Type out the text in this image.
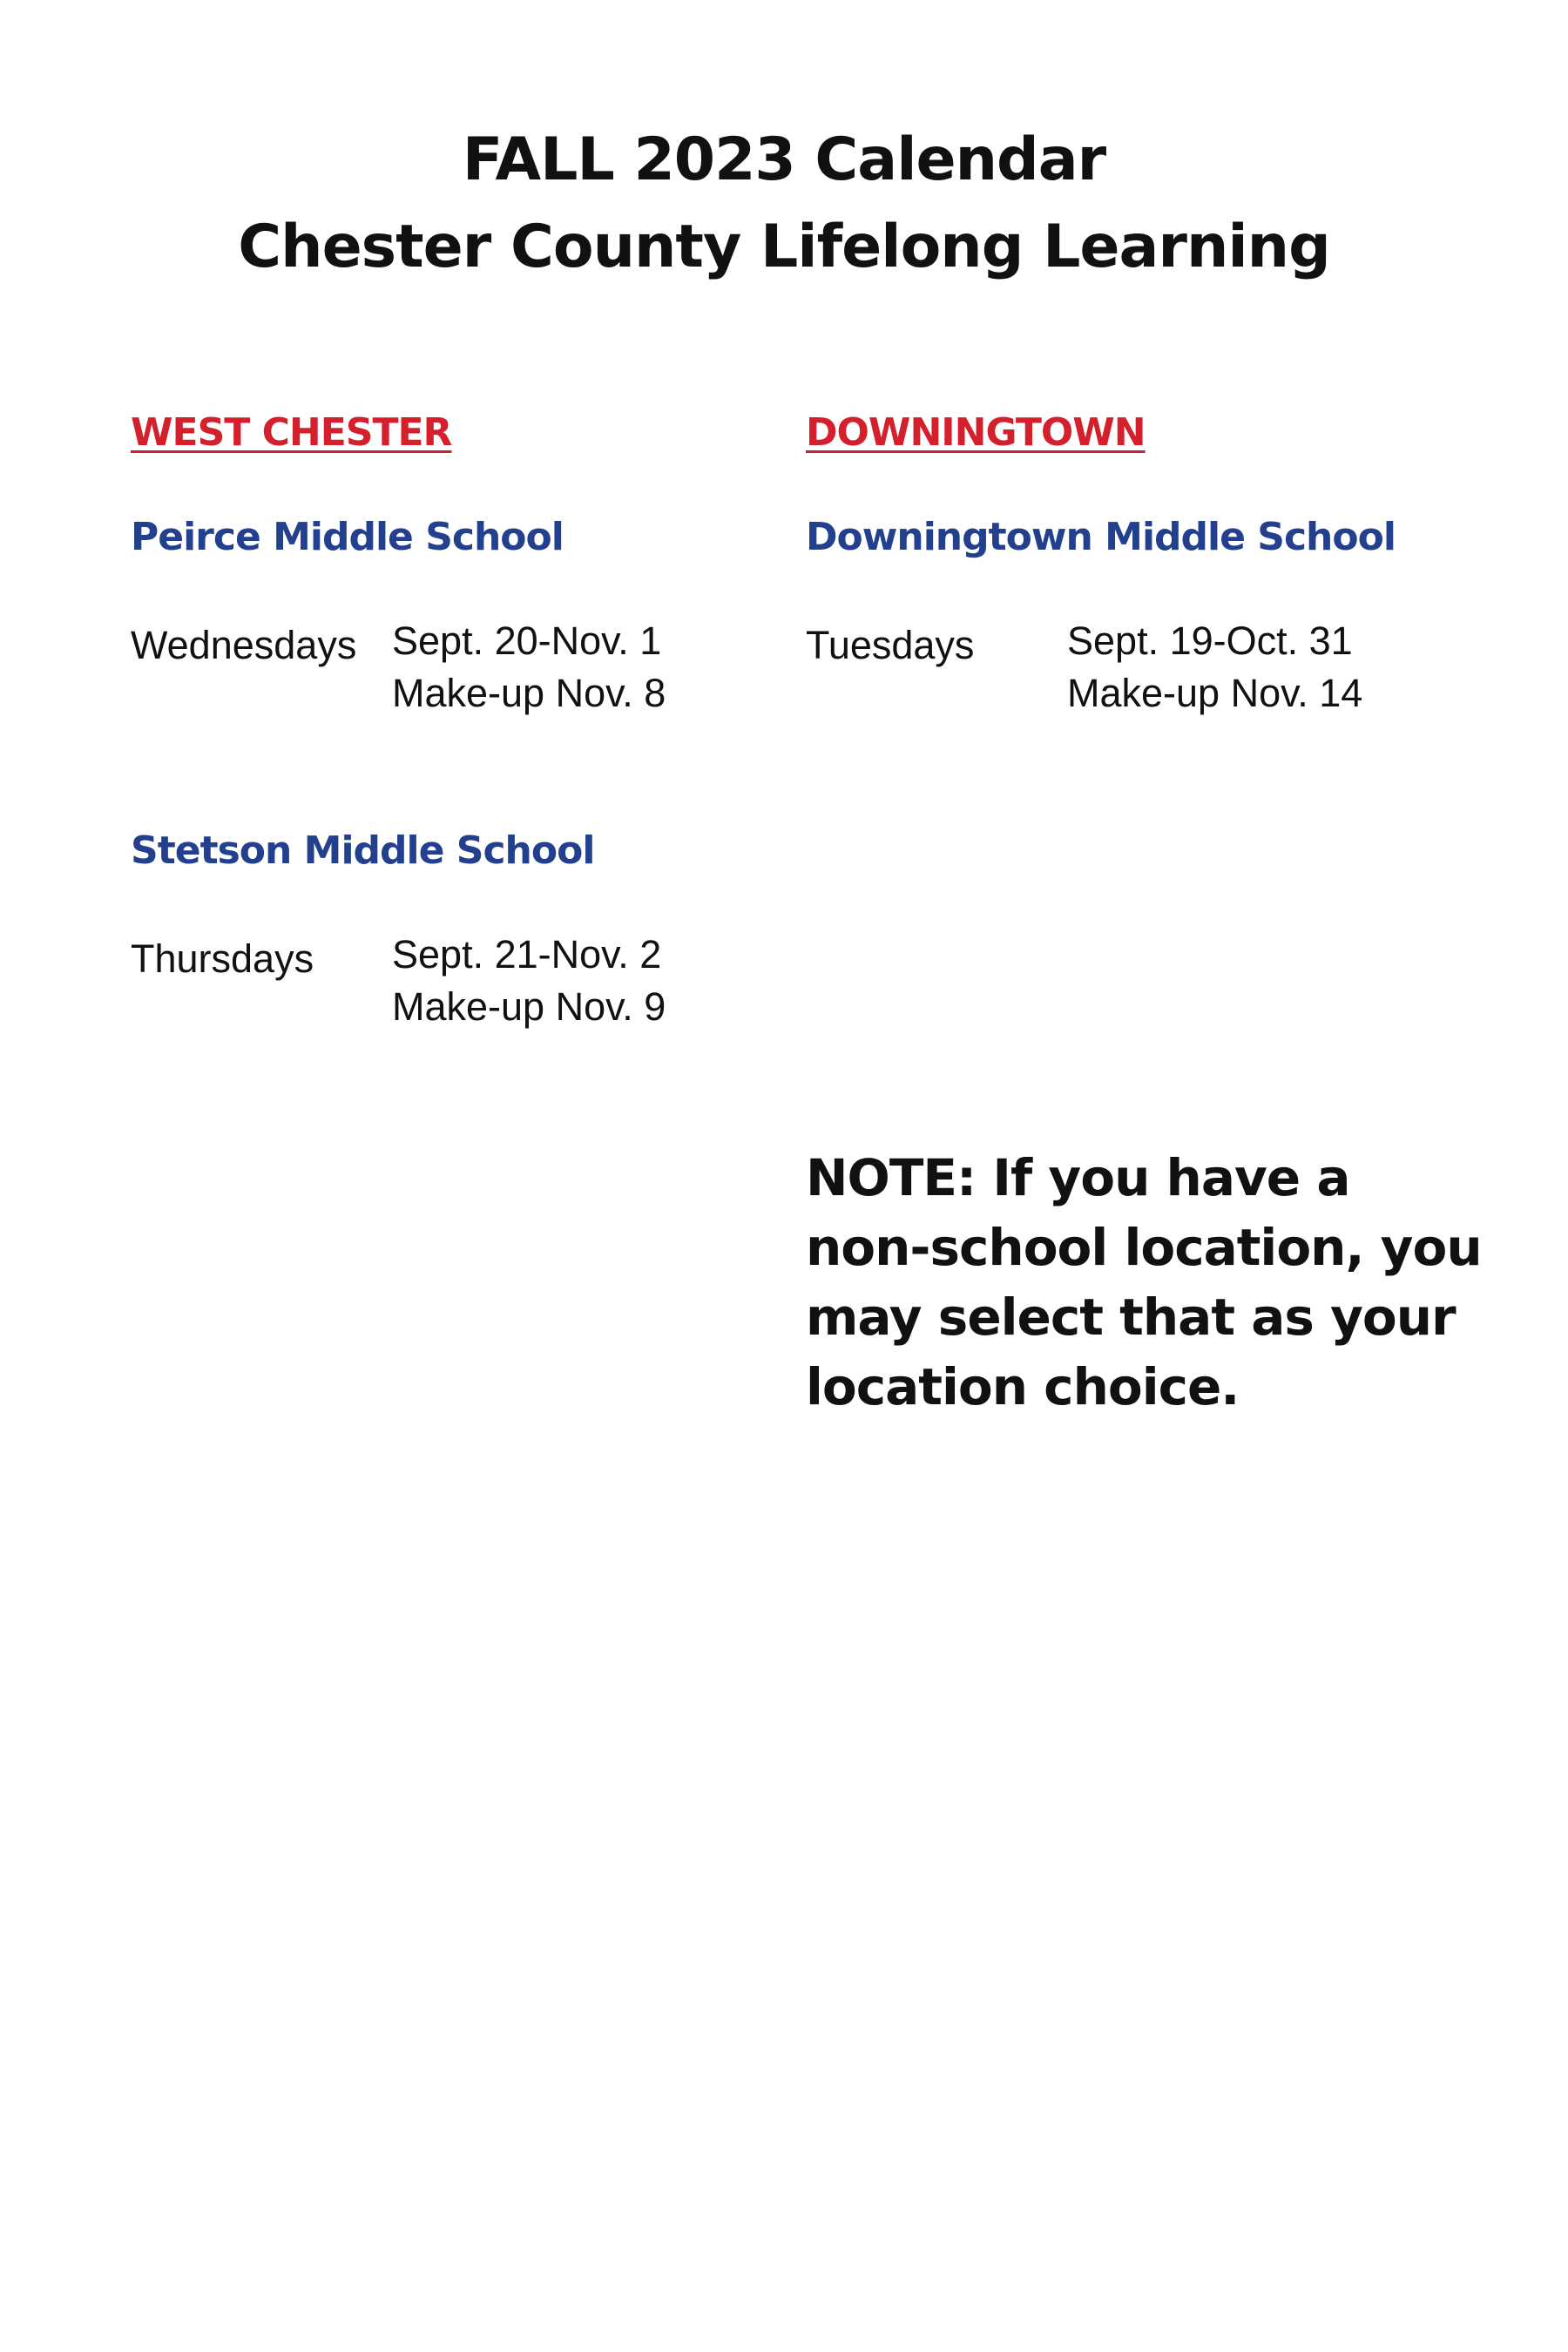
FALL 2023 Calendar
Chester County Lifelong Learning
WEST CHESTER
Peirce Middle School
Wednesdays Sept. 20-Nov. 1
Make-up Nov. 8
Stetson Middle School
Thursdays Sept. 21-Nov. 2
Make-up Nov. 9
DOWNINGTOWN
Downingtown Middle School
Tuesdays Sept. 19-Oct. 31
Make-up Nov. 14

NOTE: If you have a non-school location, you may select that as your location choice.
